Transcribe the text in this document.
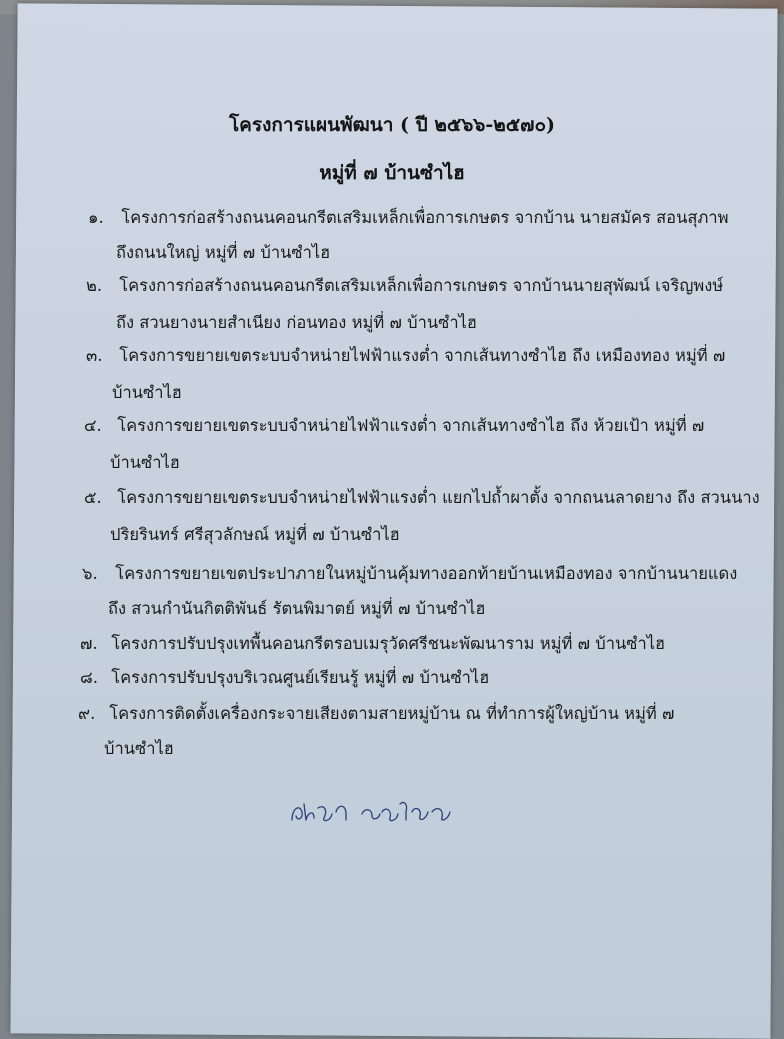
โครงการแผนพัฒนา ( ปี ๒๕๖๖-๒๕๗๐)
หมู่ที่ ๗ บ้านซำไฮ
๑. โครงการก่อสร้างถนนคอนกรีตเสริมเหล็กเพื่อการเกษตร จากบ้าน นายสมัคร สอนสุภาพ
ถึงถนนใหญ่ หมู่ที่ ๗ บ้านซำไฮ
๒. โครงการก่อสร้างถนนคอนกรีตเสริมเหล็กเพื่อการเกษตร จากบ้านนายสุพัฒน์ เจริญพงษ์
ถึง สวนยางนายสำเนียง ก่อนทอง หมู่ที่ ๗ บ้านซำไฮ
๓. โครงการขยายเขตระบบจำหน่ายไฟฟ้าแรงต่ำ จากเส้นทางซำไฮ ถึง เหมืองทอง หมู่ที่ ๗
บ้านซำไฮ
๔. โครงการขยายเขตระบบจำหน่ายไฟฟ้าแรงต่ำ จากเส้นทางซำไฮ ถึง ห้วยเป้า หมู่ที่ ๗
บ้านซำไฮ
๕. โครงการขยายเขตระบบจำหน่ายไฟฟ้าแรงต่ำ แยกไปถ้ำผาตั้ง จากถนนลาดยาง ถึง สวนนาง
ปริยรินทร์ ศรีสุวลักษณ์ หมู่ที่ ๗ บ้านซำไฮ
๖. โครงการขยายเขตประปาภายในหมู่บ้านคุ้มทางออกท้ายบ้านเหมืองทอง จากบ้านนายแดง
ถึง สวนกำนันกิตติพันธ์ รัตนพิมาตย์ หมู่ที่ ๗ บ้านซำไฮ
๗. โครงการปรับปรุงเทพื้นคอนกรีตรอบเมรุวัดศรีชนะพัฒนาราม หมู่ที่ ๗ บ้านซำไฮ
๘. โครงการปรับปรุงบริเวณศูนย์เรียนรู้ หมู่ที่ ๗ บ้านซำไฮ
๙. โครงการติดตั้งเครื่องกระจายเสียงตามสายหมู่บ้าน ณ ที่ทำการผู้ใหญ่บ้าน หมู่ที่ ๗
บ้านซำไฮ
